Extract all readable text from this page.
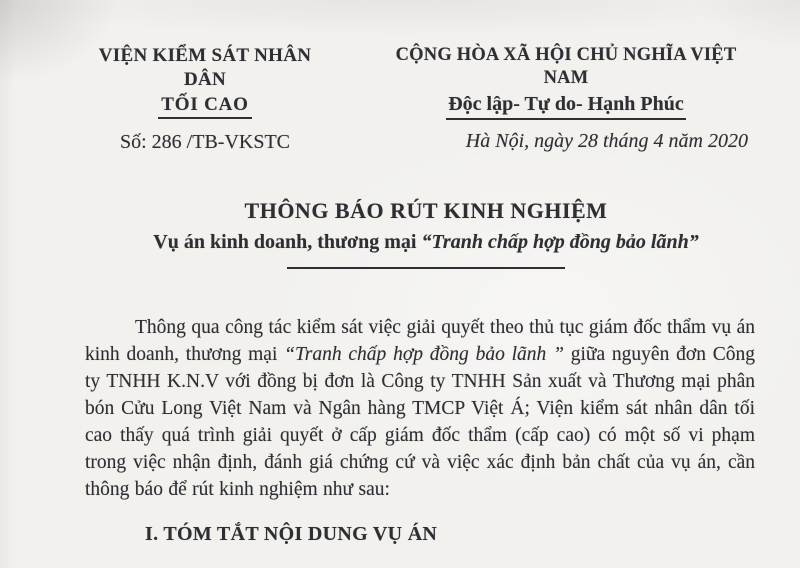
VIỆN KIỂM SÁT NHÂN DÂN
TỐI CAO
Số: 286 /TB-VKSTC
CỘNG HÒA XÃ HỘI CHỦ NGHĨA VIỆT NAM
Độc lập- Tự do- Hạnh Phúc
Hà Nội, ngày 28 tháng 4 năm 2020
THÔNG BÁO RÚT KINH NGHIỆM
Vụ án kinh doanh, thương mại “Tranh chấp hợp đồng bảo lãnh”

Thông qua công tác kiểm sát việc giải quyết theo thủ tục giám đốc thẩm vụ án kinh doanh, thương mại “Tranh chấp hợp đồng bảo lãnh ” giữa nguyên đơn Công ty TNHH K.N.V với đồng bị đơn là Công ty TNHH Sản xuất và Thương mại phân bón Cửu Long Việt Nam và Ngân hàng TMCP Việt Á; Viện kiểm sát nhân dân tối cao thấy quá trình giải quyết ở cấp giám đốc thẩm (cấp cao) có một số vi phạm trong việc nhận định, đánh giá chứng cứ và việc xác định bản chất của vụ án, cần thông báo để rút kinh nghiệm như sau:

I. TÓM TẮT NỘI DUNG VỤ ÁN
